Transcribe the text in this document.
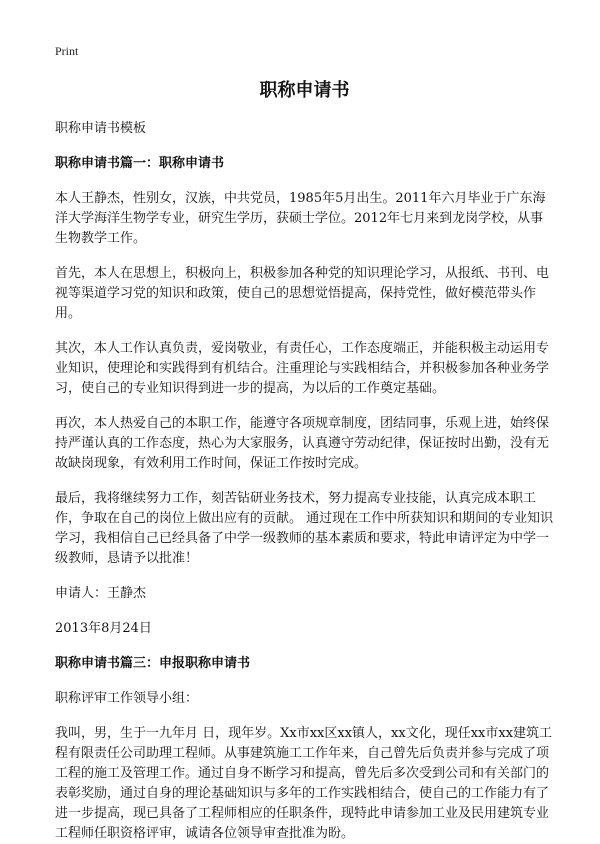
Print
职称申请书
职称申请书模板
职称申请书篇一：职称申请书
本人王静杰，性别女，汉族，中共党员，1985年5月出生。2011年六月毕业于广东海洋大学海洋生物学专业，研究生学历，获硕士学位。2012年七月来到龙岗学校，从事生物教学工作。
首先，本人在思想上，积极向上，积极参加各种党的知识理论学习，从报纸、书刊、电视等渠道学习党的知识和政策，使自己的思想觉悟提高，保持党性，做好模范带头作用。
其次，本人工作认真负责，爱岗敬业，有责任心，工作态度端正，并能积极主动运用专业知识，使理论和实践得到有机结合。注重理论与实践相结合，并积极参加各种业务学习，使自己的专业知识得到进一步的提高，为以后的工作奠定基础。
再次，本人热爱自己的本职工作，能遵守各项规章制度，团结同事，乐观上进，始终保持严谨认真的工作态度，热心为大家服务，认真遵守劳动纪律，保证按时出勤，没有无故缺岗现象，有效利用工作时间，保证工作按时完成。
最后，我将继续努力工作，刻苦钻研业务技术，努力提高专业技能，认真完成本职工作，争取在自己的岗位上做出应有的贡献。 通过现在工作中所获知识和期间的专业知识学习，我相信自己已经具备了中学一级教师的基本素质和要求，特此申请评定为中学一级教师，恳请予以批准！
申请人：王静杰
2013年8月24日
职称申请书篇三：申报职称申请书
职称评审工作领导小组：
我叫，男，生于一九年月 日，现年岁。Xx市xx区xx镇人，xx文化，现任xx市xx建筑工程有限责任公司助理工程师。从事建筑施工工作年来，自己曾先后负责并参与完成了项工程的施工及管理工作。通过自身不断学习和提高，曾先后多次受到公司和有关部门的表彰奖励，通过自身的理论基础知识与多年的工作实践相结合，使自己的工作能力有了进一步提高，现已具备了工程师相应的任职条件，现特此申请参加工业及民用建筑专业工程师任职资格评审，诚请各位领导审查批准为盼。
